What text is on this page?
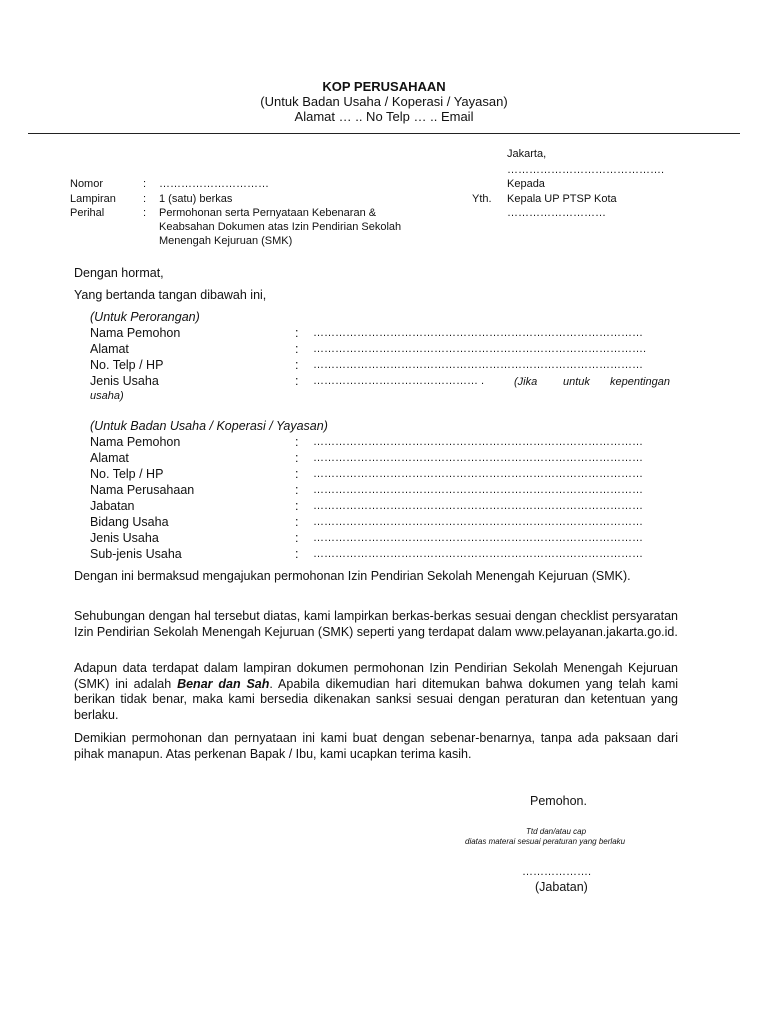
KOP PERUSAHAAN
(Untuk Badan Usaha / Koperasi / Yayasan)
Alamat … .. No Telp … .. Email
Jakarta,
…………………………………….
Kepada
Yth. Kepala UP PTSP Kota
………………………
Nomor	: …………………………
Lampiran : 1 (satu) berkas
Perihal	: Permohonan serta Pernyataan Kebenaran &
Keabsahan Dokumen atas Izin Pendirian Sekolah
Menengah Kejuruan (SMK)
Dengan hormat,
Yang bertanda tangan dibawah ini,
(Untuk Perorangan)
Nama Pemohon	: ………………………………………………………………………………
Alamat	: ……………………………………………………………………………….
No. Telp / HP	: ………………………………………………………………………………
Jenis Usaha	: ……………………………………… .	(Jika untuk kepentingan
usaha)
(Untuk Badan Usaha / Koperasi / Yayasan)
Nama Pemohon	: ………………………………………………………………………………
Alamat	: ………………………………………………………………………………
No. Telp / HP	: ………………………………………………………………………………
Nama Perusahaan	: ………………………………………………………………………………
Jabatan	: ………………………………………………………………………………
Bidang Usaha	: ………………………………………………………………………………
Jenis Usaha	: ………………………………………………………………………………
Sub-jenis Usaha	: ………………………………………………………………………………
Dengan ini bermaksud mengajukan permohonan Izin Pendirian Sekolah Menengah Kejuruan (SMK).
Sehubungan dengan hal tersebut diatas, kami lampirkan berkas-berkas sesuai dengan checklist persyaratan Izin Pendirian Sekolah Menengah Kejuruan (SMK) seperti yang terdapat dalam www.pelayanan.jakarta.go.id.
Adapun data terdapat dalam lampiran dokumen permohonan Izin Pendirian Sekolah Menengah Kejuruan (SMK) ini adalah Benar dan Sah. Apabila dikemudian hari ditemukan bahwa dokumen yang telah kami berikan tidak benar, maka kami bersedia dikenakan sanksi sesuai dengan peraturan dan ketentuan yang berlaku.
Demikian permohonan dan pernyataan ini kami buat dengan sebenar-benarnya, tanpa ada paksaan dari pihak manapun. Atas perkenan Bapak / Ibu, kami ucapkan terima kasih.
Pemohon.
Ttd dan/atau cap
diatas materai sesuai peraturan yang berlaku
……………….
(Jabatan)
